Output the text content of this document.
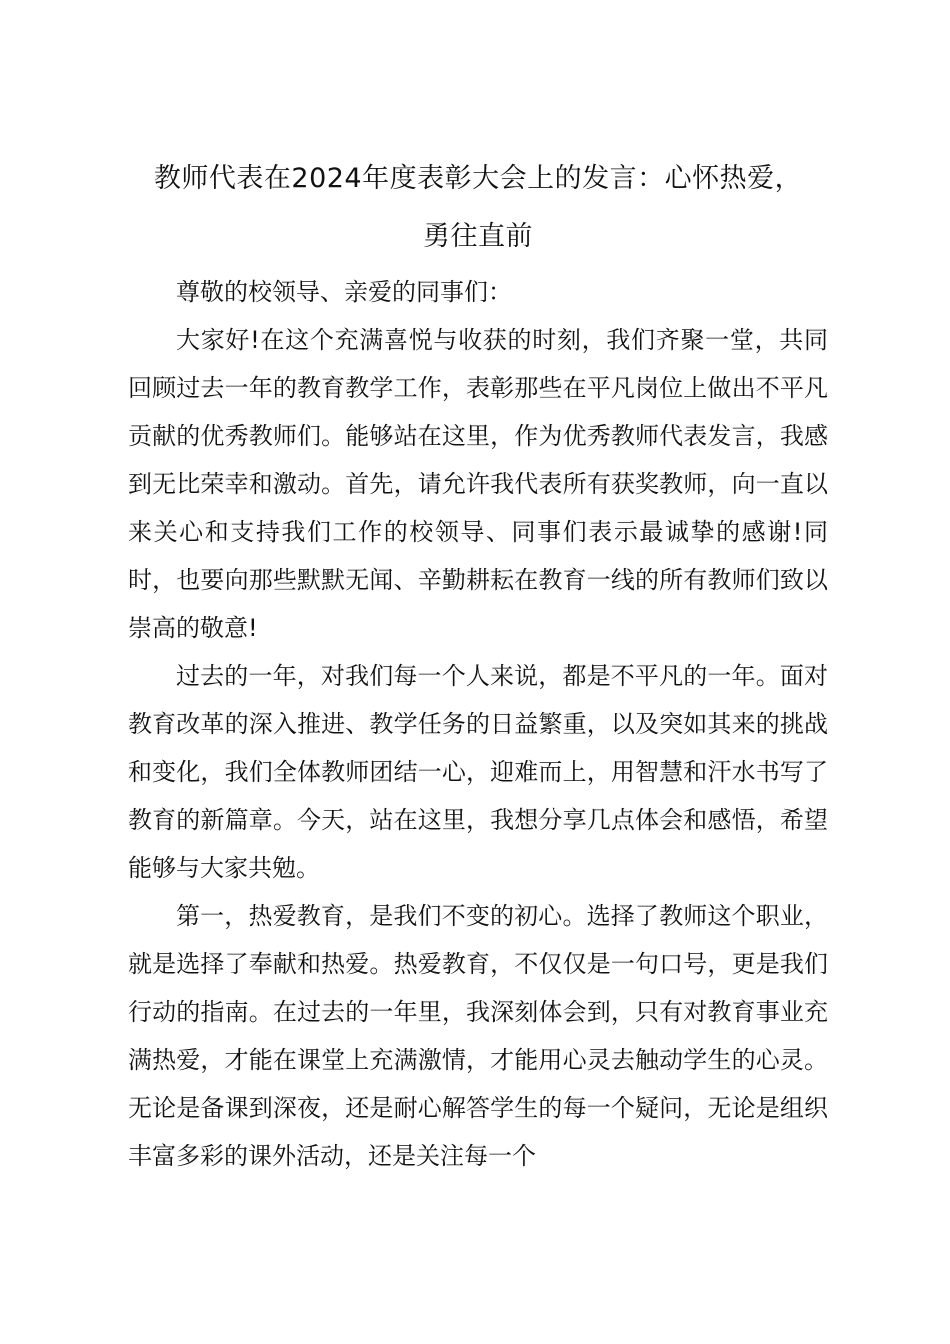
教师代表在2024年度表彰大会上的发言：心怀热爱，
勇往直前

尊敬的校领导、亲爱的同事们：

大家好!在这个充满喜悦与收获的时刻，我们齐聚一堂，共同回顾过去一年的教育教学工作，表彰那些在平凡岗位上做出不平凡贡献的优秀教师们。能够站在这里，作为优秀教师代表发言，我感到无比荣幸和激动。首先，请允许我代表所有获奖教师，向一直以来关心和支持我们工作的校领导、同事们表示最诚挚的感谢!同时，也要向那些默默无闻、辛勤耕耘在教育一线的所有教师们致以崇高的敬意!

过去的一年，对我们每一个人来说，都是不平凡的一年。面对教育改革的深入推进、教学任务的日益繁重，以及突如其来的挑战和变化，我们全体教师团结一心，迎难而上，用智慧和汗水书写了教育的新篇章。今天，站在这里，我想分享几点体会和感悟，希望能够与大家共勉。

第一，热爱教育，是我们不变的初心。选择了教师这个职业，就是选择了奉献和热爱。热爱教育，不仅仅是一句口号，更是我们行动的指南。在过去的一年里，我深刻体会到，只有对教育事业充满热爱，才能在课堂上充满激情，才能用心灵去触动学生的心灵。无论是备课到深夜，还是耐心解答学生的每一个疑问，无论是组织丰富多彩的课外活动，还是关注每一个
